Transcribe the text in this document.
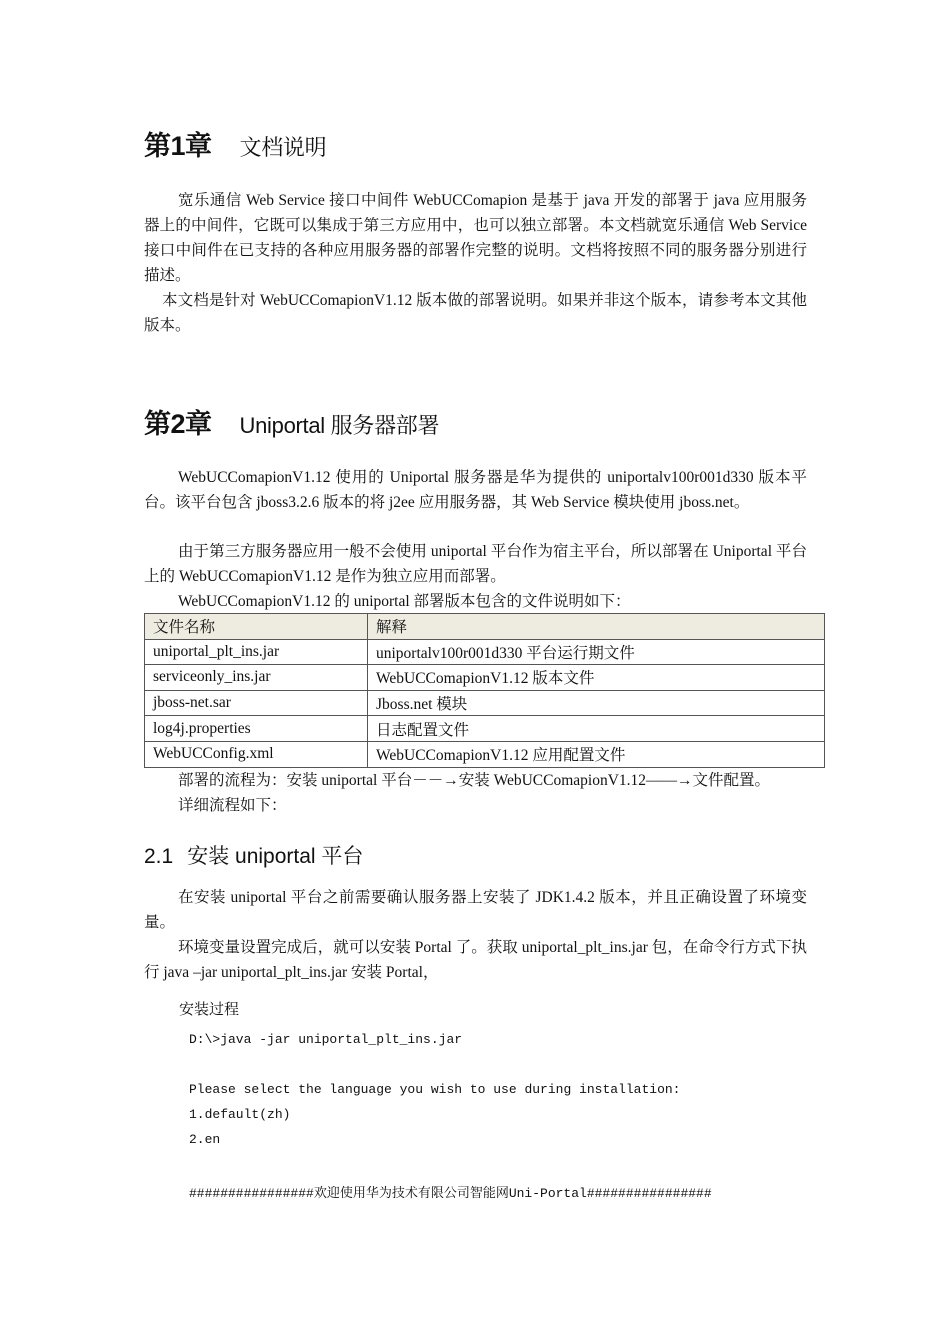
第1章 文档说明

宽乐通信 Web Service 接口中间件 WebUCComapion 是基于 java 开发的部署于 java 应用服务器上的中间件，它既可以集成于第三方应用中，也可以独立部署。本文档就宽乐通信 Web Service 接口中间件在已支持的各种应用服务器的部署作完整的说明。文档将按照不同的服务器分别进行描述。

本文档是针对 WebUCComapionV1.12 版本做的部署说明。如果并非这个版本，请参考本文其他版本。

第2章 Uniportal 服务器部署

WebUCComapionV1.12 使用的 Uniportal 服务器是华为提供的 uniportalv100r001d330 版本平台。该平台包含 jboss3.2.6 版本的将 j2ee 应用服务器，其 Web Service 模块使用 jboss.net。

由于第三方服务器应用一般不会使用 uniportal 平台作为宿主平台，所以部署在 Uniportal 平台上的 WebUCComapionV1.12 是作为独立应用而部署。

WebUCComapionV1.12 的 uniportal 部署版本包含的文件说明如下：
文件名称	解释
uniportal_plt_ins.jar	uniportalv100r001d330 平台运行期文件
serviceonly_ins.jar	WebUCComapionV1.12 版本文件
jboss-net.sar	Jboss.net 模块
log4j.properties	日志配置文件
WebUCConfig.xml	WebUCComapionV1.12 应用配置文件
部署的流程为：安装 uniportal 平台－－→安装 WebUCComapionV1.12——→文件配置。
详细流程如下：
2.1 安装 uniportal 平台

在安装 uniportal 平台之前需要确认服务器上安装了 JDK1.4.2 版本，并且正确设置了环境变量。

环境变量设置完成后，就可以安装 Portal 了。获取 uniportal_plt_ins.jar 包，在命令行方式下执行 java –jar uniportal_plt_ins.jar 安装 Portal，

安装过程
D:\>java -jar uniportal_plt_ins.jar
Please select the language you wish to use during installation:
1.default(zh)
2.en
################欢迎使用华为技术有限公司智能网Uni-Portal################
